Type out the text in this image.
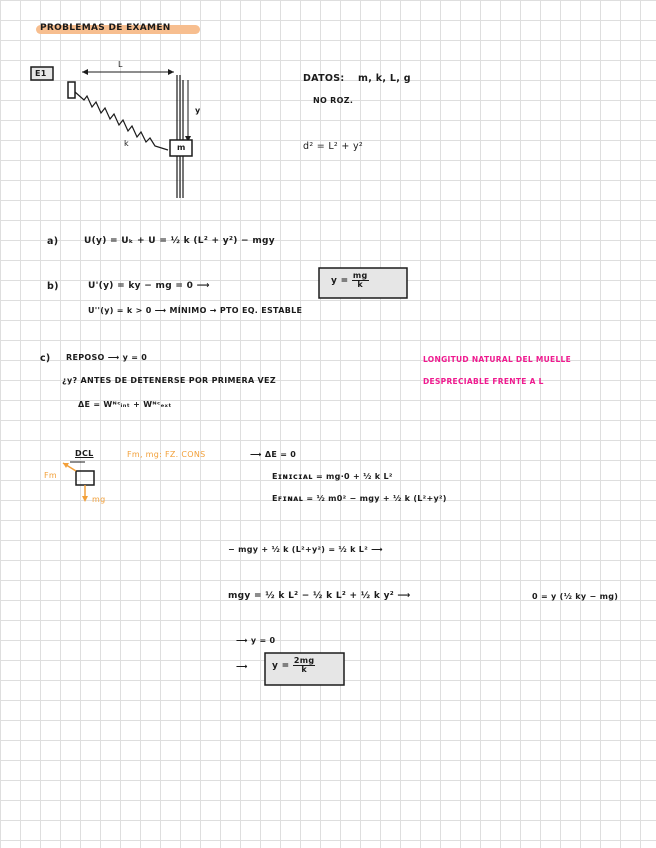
PROBLEMAS DE EXAMEN
E1
L
y
k	m
DATOS: m, k, L, g
NO ROZ.
d² = L² + y²
a)	U(y) = Uₖ + U = ½ k (L² + y²) − mgy
b)	U'(y) = ky − mg = 0 ⟶	$y = \frac{mg}{k}$
U''(y) = k > 0 ⟶ MÍNIMO → PTO EQ. ESTABLE
c) REPOSO ⟶ y = 0
¿y? ANTES DE DETENERSE POR PRIMERA VEZ
ΔE = Wᴺᶜᵢₙₜ + Wᴺᶜₑₓₜ
LONGITUD NATURAL DEL MUELLE
DESPRECIABLE FRENTE A L
DCL
Fm
mg
Fm, mg: FZ. CONS	⟶ ΔE = 0
Eɪɴɪᴄɪᴀʟ = mg·0 + ½ k L²
Eꜰɪɴᴀʟ = ½ m0² − mgy + ½ k (L²+y²)
− mgy + ½ k (L²+y²) = ½ k L² ⟶
mgy = ½ k L² − ½ k L² + ½ k y² ⟶	0 = y (½ ky − mg)
⟶ y = 0
⟶	$y = \frac{2mg}{k}$
